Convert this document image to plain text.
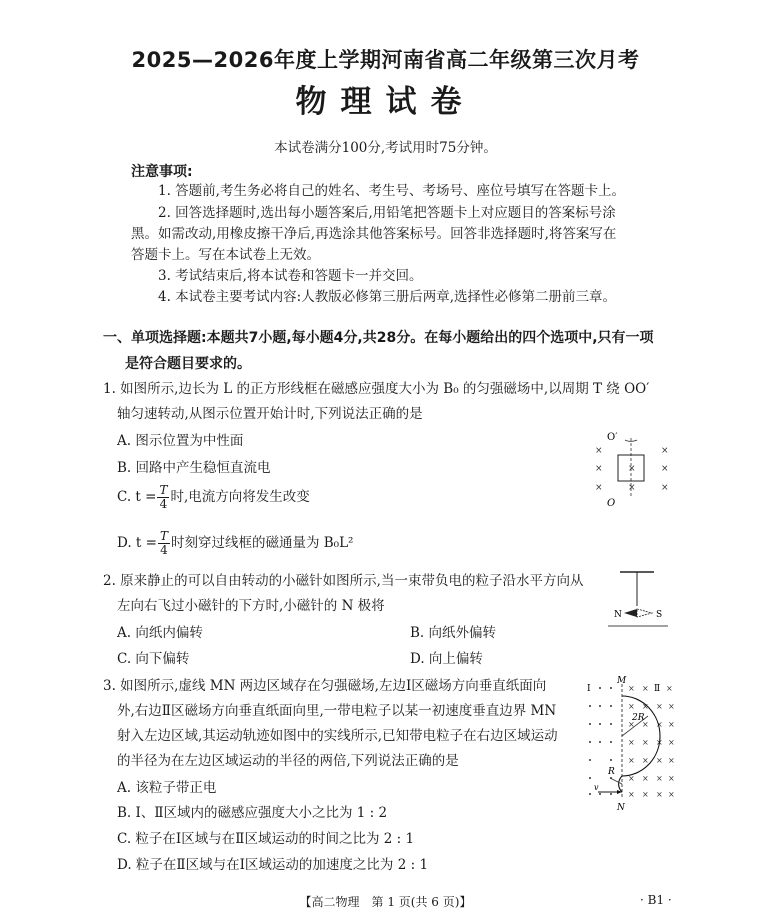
2025—2026年度上学期河南省高二年级第三次月考
物理试卷
本试卷满分100分,考试用时75分钟。
注意事项:
1. 答题前,考生务必将自己的姓名、考生号、考场号、座位号填写在答题卡上。
2. 回答选择题时,选出每小题答案后,用铅笔把答题卡上对应题目的答案标号涂
黑。如需改动,用橡皮擦干净后,再选涂其他答案标号。回答非选择题时,将答案写在
答题卡上。写在本试卷上无效。
3. 考试结束后,将本试卷和答题卡一并交回。
4. 本试卷主要考试内容:人教版必修第三册后两章,选择性必修第二册前三章。
一、单项选择题:本题共7小题,每小题4分,共28分。在每小题给出的四个选项中,只有一项
是符合题目要求的。
1. 如图所示,边长为 L 的正方形线框在磁感应强度大小为 B₀ 的匀强磁场中,以周期 T 绕 OO′
轴匀速转动,从图示位置开始计时,下列说法正确的是
A. 图示位置为中性面
B. 回路中产生稳恒直流电
C. $t = \frac{T}{4}$ 时,电流方向将发生改变
D. $t = \frac{T}{4}$ 时刻穿过线框的磁通量为 B₀L²
O′
O
×	×
×	×	×
×	×	×
2. 原来静止的可以自由转动的小磁针如图所示,当一束带负电的粒子沿水平方向从
左向右飞过小磁针的下方时,小磁针的 N 极将
A. 向纸内偏转	B. 向纸外偏转
C. 向下偏转	D. 向上偏转
N	S
3. 如图所示,虚线 MN 两边区域存在匀强磁场,左边Ⅰ区磁场方向垂直纸面向
外,右边Ⅱ区磁场方向垂直纸面向里,一带电粒子以某一初速度垂直边界 MN
射入左边区域,其运动轨迹如图中的实线所示,已知带电粒子在右边区域运动
的半径为在左边区域运动的半径的两倍,下列说法正确的是
A. 该粒子带正电
B. Ⅰ、Ⅱ区域内的磁感应强度大小之比为 1 : 2
C. 粒子在Ⅰ区域与在Ⅱ区域运动的时间之比为 2 : 1
D. 粒子在Ⅱ区域与在Ⅰ区域运动的加速度之比为 2 : 1
M
N
Ⅰ	Ⅱ
× × ×
× × × ×
× × × ×
× × × ×
× × × ×
× × × ×
× × × ×
v
2R
R
【高二物理　第 1 页(共 6 页)】	· B1 ·
